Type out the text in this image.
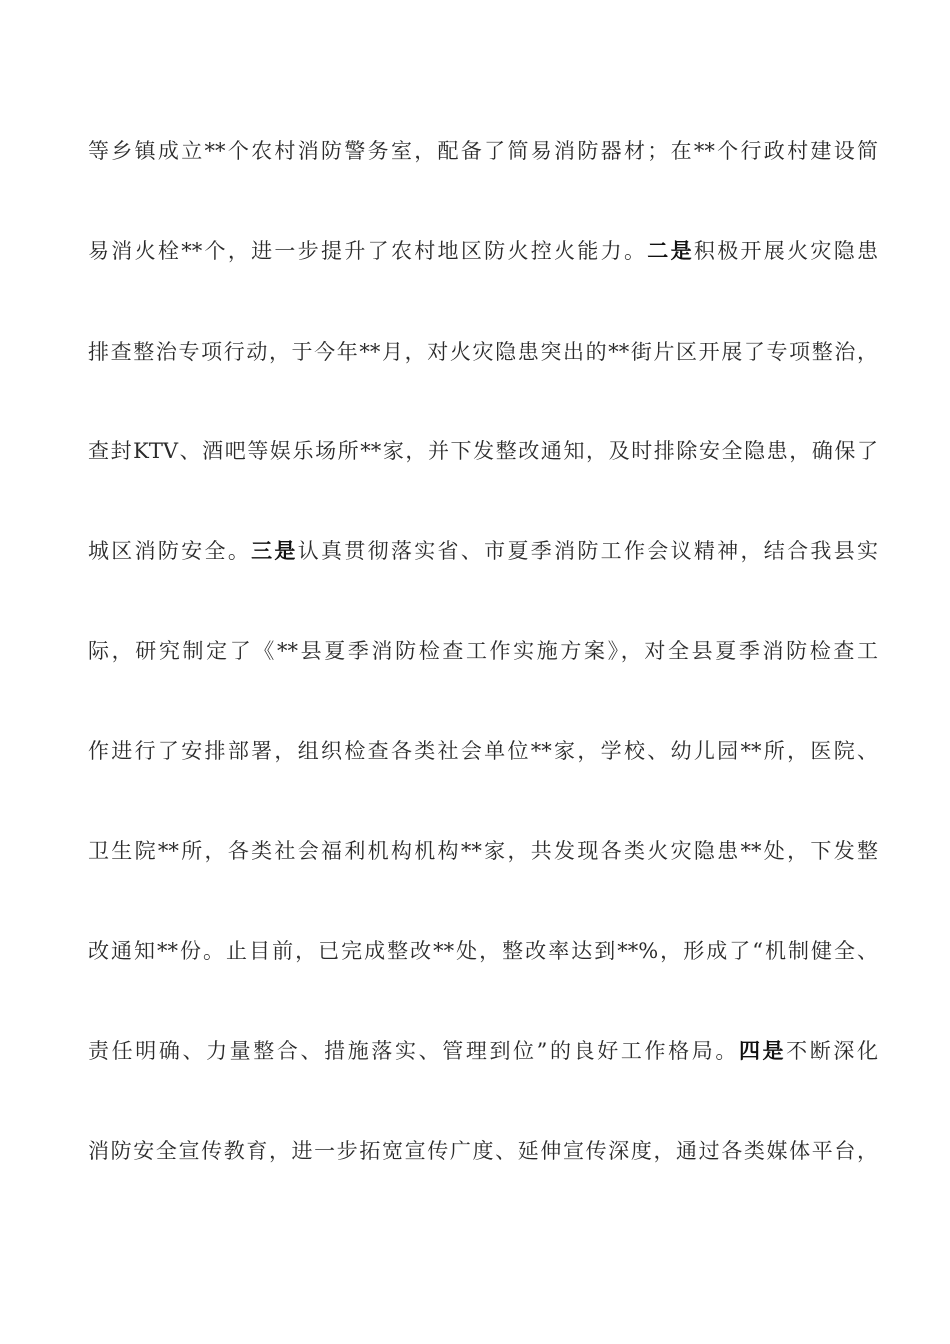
等乡镇成立**个农村消防警务室，配备了简易消防器材；在**个行政村建设简
易消火栓**个，进一步提升了农村地区防火控火能力。二是积极开展火灾隐患
排查整治专项行动，于今年**月，对火灾隐患突出的**街片区开展了专项整治，
查封KTV、酒吧等娱乐场所**家，并下发整改通知，及时排除安全隐患，确保了
城区消防安全。三是认真贯彻落实省、市夏季消防工作会议精神，结合我县实
际，研究制定了《**县夏季消防检查工作实施方案》，对全县夏季消防检查工
作进行了安排部署，组织检查各类社会单位**家，学校、幼儿园**所，医院、
卫生院**所，各类社会福利机构机构**家，共发现各类火灾隐患**处，下发整
改通知**份。止目前，已完成整改**处，整改率达到**%，形成了“机制健全、
责任明确、力量整合、措施落实、管理到位”的良好工作格局。四是不断深化
消防安全宣传教育，进一步拓宽宣传广度、延伸宣传深度，通过各类媒体平台，
